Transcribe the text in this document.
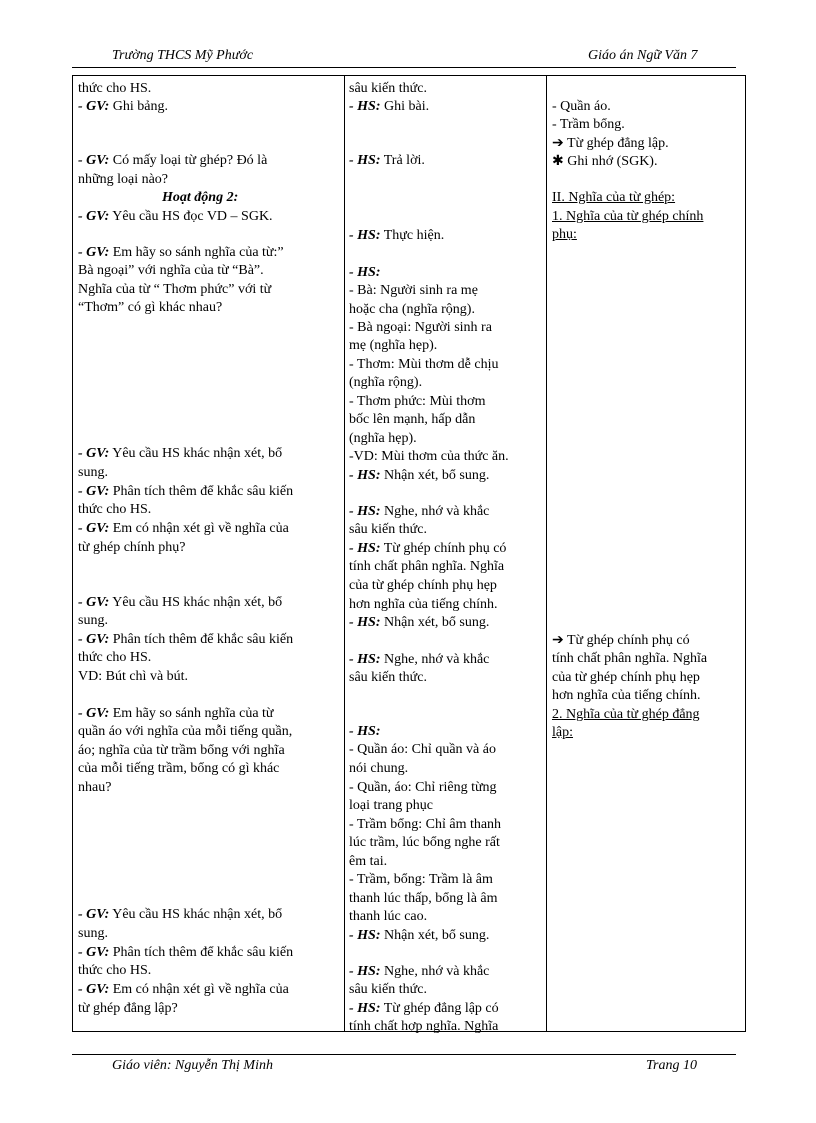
Trường THCS Mỹ Phước	Giáo án Ngữ Văn 7
thức cho HS.
- GV: Ghi bảng.
- GV: Có mấy loại từ ghép? Đó là
những loại nào?
Hoạt động 2:
- GV: Yêu cầu HS đọc VD – SGK.
- GV: Em hãy so sánh nghĩa của từ:”
Bà ngoại” với nghĩa của từ “Bà”.
Nghĩa của từ “ Thơm phức” với từ
“Thơm” có gì khác nhau?
- GV: Yêu cầu HS khác nhận xét, bổ
sung.
- GV: Phân tích thêm để khắc sâu kiến
thức cho HS.
- GV: Em có nhận xét gì về nghĩa của
từ ghép chính phụ?
- GV: Yêu cầu HS khác nhận xét, bổ
sung.
- GV: Phân tích thêm để khắc sâu kiến
thức cho HS.
VD: Bút chì và bút.
- GV: Em hãy so sánh nghĩa của từ
quần áo với nghĩa của mỗi tiếng quần,
áo; nghĩa của từ trầm bổng với nghĩa
của mỗi tiếng trầm, bổng có gì khác
nhau?
- GV: Yêu cầu HS khác nhận xét, bổ
sung.
- GV: Phân tích thêm để khắc sâu kiến
thức cho HS.
- GV: Em có nhận xét gì về nghĩa của
từ ghép đẳng lập?
sâu kiến thức.
- HS: Ghi bài.
- HS: Trả lời.
- HS: Thực hiện.
- HS:
- Bà: Người sinh ra mẹ
hoặc cha (nghĩa rộng).
- Bà ngoại: Người sinh ra
mẹ (nghĩa hẹp).
- Thơm: Mùi thơm dễ chịu
(nghĩa rộng).
- Thơm phức: Mùi thơm
bốc lên mạnh, hấp dẫn
(nghĩa hẹp).
-VD: Mùi thơm của thức ăn.
- HS: Nhận xét, bổ sung.
- HS: Nghe, nhớ và khắc
sâu kiến thức.
- HS: Từ ghép chính phụ có
tính chất phân nghĩa. Nghĩa
của từ ghép chính phụ hẹp
hơn nghĩa của tiếng chính.
- HS: Nhận xét, bổ sung.
- HS: Nghe, nhớ và khắc
sâu kiến thức.
- HS:
- Quần áo: Chỉ quần và áo
nói chung.
- Quần, áo: Chỉ riêng từng
loại trang phục
- Trầm bổng: Chỉ âm thanh
lúc trầm, lúc bổng nghe rất
êm tai.
- Trầm, bổng: Trầm là âm
thanh lúc thấp, bổng là âm
thanh lúc cao.
- HS: Nhận xét, bổ sung.
- HS: Nghe, nhớ và khắc
sâu kiến thức.
- HS: Từ ghép đẳng lập có
tính chất hợp nghĩa. Nghĩa
- Quần áo.
- Trầm bổng.
➔ Từ ghép đẳng lập.
✱ Ghi nhớ (SGK).
II. Nghĩa của từ ghép:
1. Nghĩa của từ ghép chính
phụ:
➔ Từ ghép chính phụ có
tính chất phân nghĩa. Nghĩa
của từ ghép chính phụ hẹp
hơn nghĩa của tiếng chính.
2. Nghĩa của từ ghép đẳng
lập:
Giáo viên: Nguyễn Thị Minh	Trang 10
